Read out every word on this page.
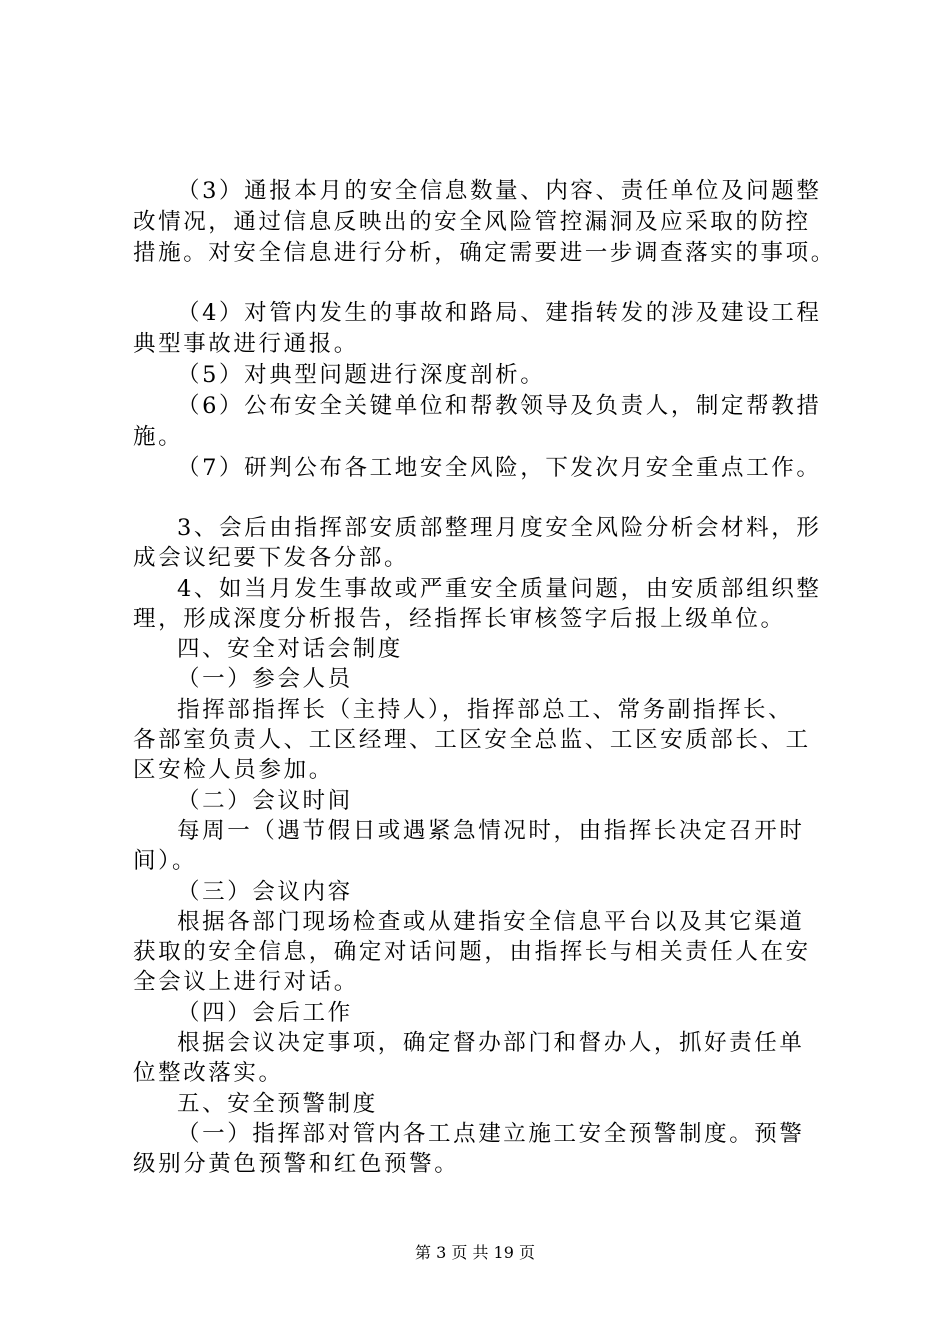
（3）通报本月的安全信息数量、内容、责任单位及问题整
改情况，通过信息反映出的安全风险管控漏洞及应采取的防控
措施。对安全信息进行分析，确定需要进一步调查落实的事项。
（4）对管内发生的事故和路局、建指转发的涉及建设工程
典型事故进行通报。
（5）对典型问题进行深度剖析。
（6）公布安全关键单位和帮教领导及负责人，制定帮教措
施。
（7）研判公布各工地安全风险，下发次月安全重点工作。
3、会后由指挥部安质部整理月度安全风险分析会材料，形
成会议纪要下发各分部。
4、如当月发生事故或严重安全质量问题，由安质部组织整
理，形成深度分析报告，经指挥长审核签字后报上级单位。
四、安全对话会制度
（一）参会人员
指挥部指挥长（主持人），指挥部总工、常务副指挥长、
各部室负责人、工区经理、工区安全总监、工区安质部长、工
区安检人员参加。
（二）会议时间
每周一（遇节假日或遇紧急情况时，由指挥长决定召开时
间）。
（三）会议内容
根据各部门现场检查或从建指安全信息平台以及其它渠道
获取的安全信息，确定对话问题，由指挥长与相关责任人在安
全会议上进行对话。
（四）会后工作
根据会议决定事项，确定督办部门和督办人，抓好责任单
位整改落实。
五、安全预警制度
（一）指挥部对管内各工点建立施工安全预警制度。预警
级别分黄色预警和红色预警。
第 3 页 共 19 页
